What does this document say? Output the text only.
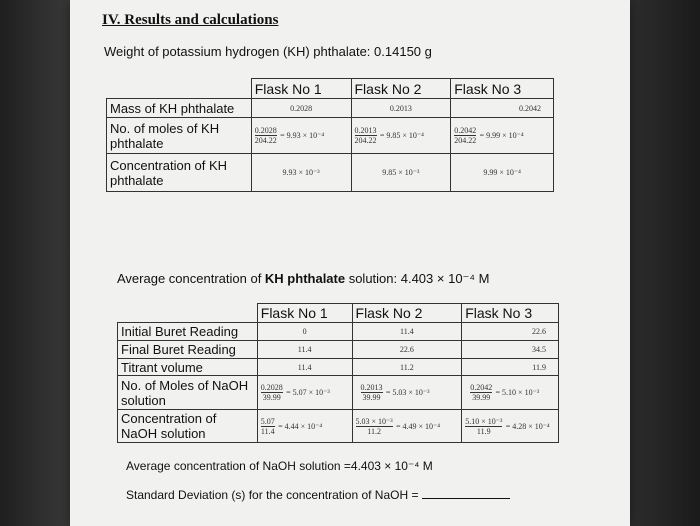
IV. Results and calculations
Weight of potassium hydrogen (KH) phthalate: 0.14150 g
	Flask No 1	Flask No 2	Flask No 3
Mass of KH phthalate	0.2028	0.2013	0.2042
No. of moles of KH phthalate	$\frac{0.2028}{204.22} = 9.93 \times 10^{-4}$	$\frac{0.2013}{204.22} = 9.85 \times 10^{-4}$	$\frac{0.2042}{204.22} = 9.99 \times 10^{-4}$
Concentration of KH phthalate	9.93 × 10⁻³	9.85 × 10⁻³	9.99 × 10⁻⁴
Average concentration of KH phthalate solution: 4.403 × 10⁻⁴ M
	Flask No 1	Flask No 2	Flask No 3
Initial Buret Reading	0	11.4	22.6
Final Buret Reading	11.4	22.6	34.5
Titrant volume	11.4	11.2	11.9
No. of Moles of NaOH solution	$\frac{0.2028}{39.99} = 5.07 \times 10^{-3}$	$\frac{0.2013}{39.99} = 5.03 \times 10^{-3}$	$\frac{0.2042}{39.99} = 5.10 \times 10^{-3}$
Concentration of NaOH solution	$\frac{5.07}{11.4} = 4.44 \times 10^{-4}$	$\frac{\text{5.03 × 10⁻³}}{11.2} = 4.49 \times 10^{-4}$	$\frac{\text{5.10 × 10⁻³}}{11.9} = 4.28 \times 10^{-4}$
Average concentration of NaOH solution =4.403 × 10⁻⁴ M
Standard Deviation (s) for the concentration of NaOH =
